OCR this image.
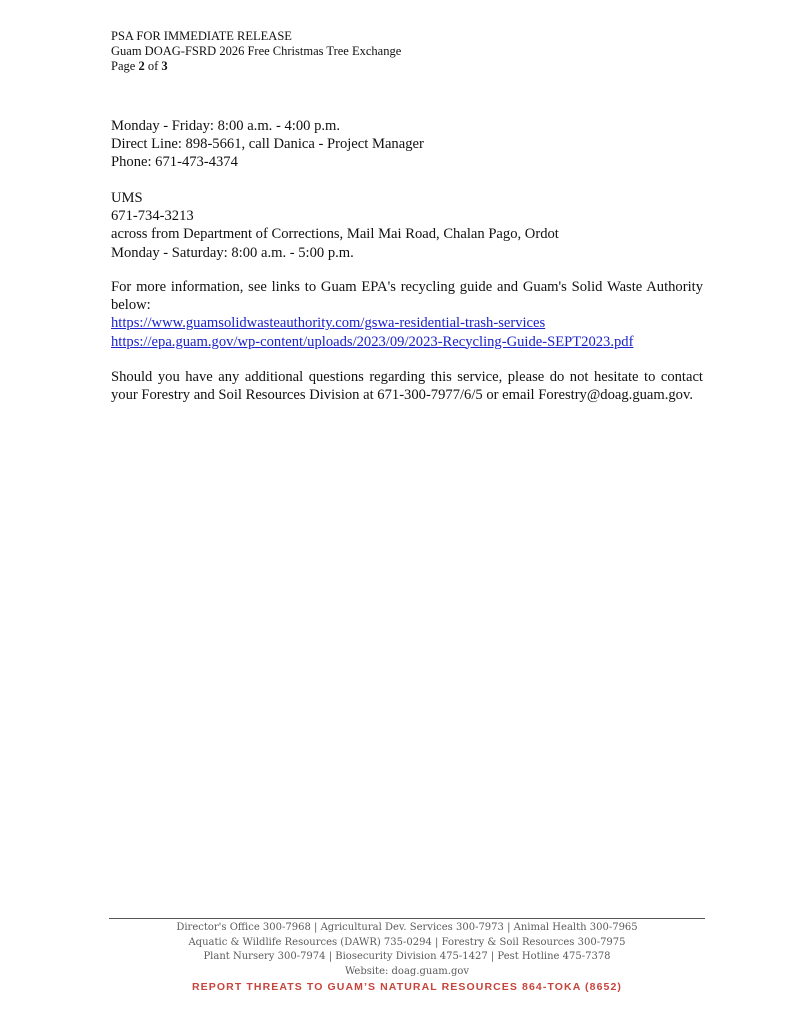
PSA FOR IMMEDIATE RELEASE
Guam DOAG-FSRD 2026 Free Christmas Tree Exchange
Page 2 of 3
Monday - Friday: 8:00 a.m. - 4:00 p.m.
Direct Line: 898-5661, call Danica - Project Manager
Phone: 671-473-4374
UMS
671-734-3213
across from Department of Corrections, Mail Mai Road, Chalan Pago, Ordot
Monday - Saturday: 8:00 a.m. - 5:00 p.m.
For more information, see links to Guam EPA's recycling guide and Guam's Solid Waste Authority below:
https://www.guamsolidwasteauthority.com/gswa-residential-trash-services
https://epa.guam.gov/wp-content/uploads/2023/09/2023-Recycling-Guide-SEPT2023.pdf
Should you have any additional questions regarding this service, please do not hesitate to contact your Forestry and Soil Resources Division at 671-300-7977/6/5 or email Forestry@doag.guam.gov.
Director's Office 300-7968 | Agricultural Dev. Services 300-7973 | Animal Health 300-7965
Aquatic & Wildlife Resources (DAWR) 735-0294 | Forestry & Soil Resources 300-7975
Plant Nursery 300-7974 | Biosecurity Division 475-1427 | Pest Hotline 475-7378
Website: doag.guam.gov
REPORT THREATS TO GUAM’S NATURAL RESOURCES 864-TOKA (8652)
